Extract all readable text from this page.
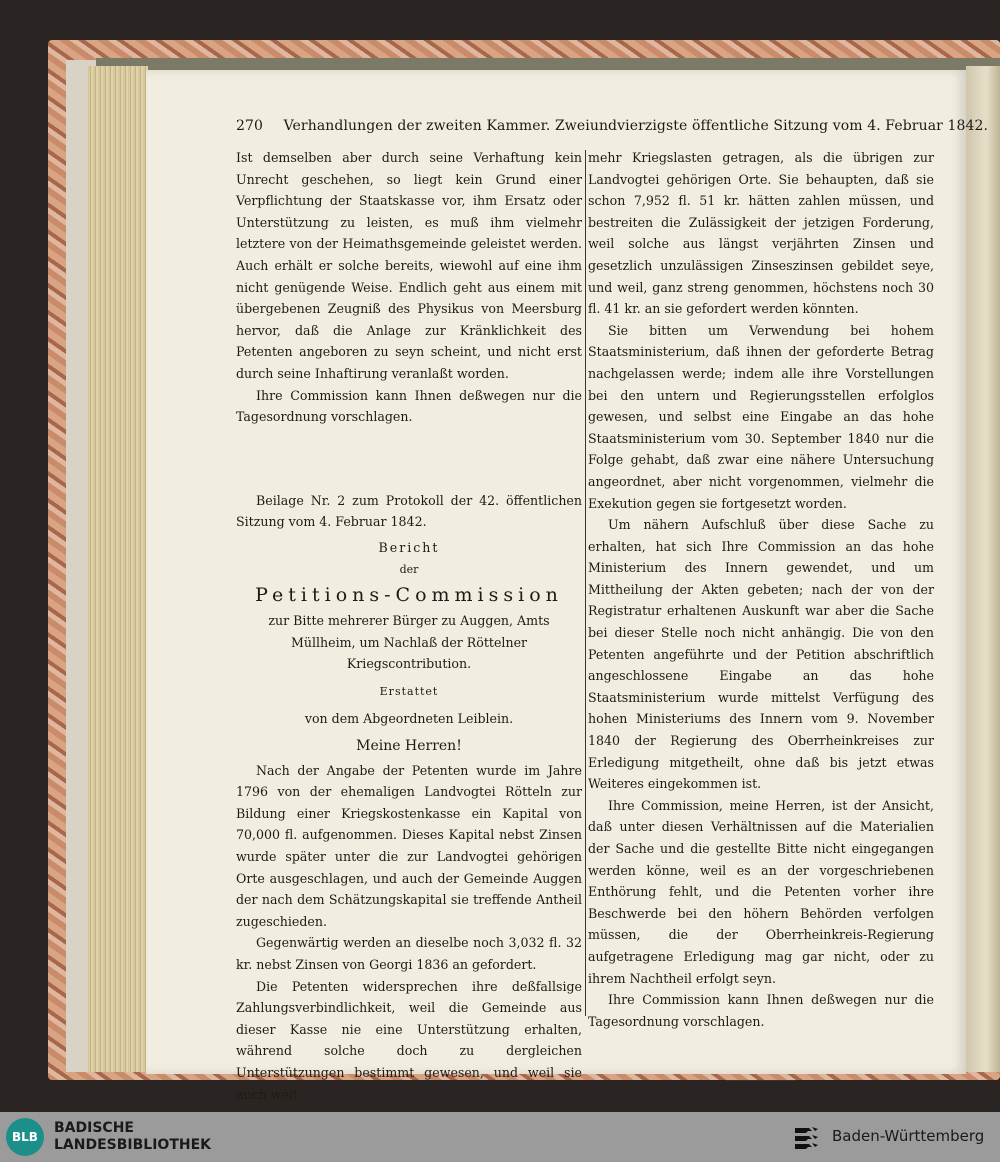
270 Verhandlungen der zweiten Kammer. Zweiundvierzigste öffentliche Sitzung vom 4. Februar 1842.

Ist demselben aber durch seine Verhaftung kein Unrecht geschehen, so liegt kein Grund einer Verpflichtung der Staatskasse vor, ihm Ersatz oder Unterstützung zu leisten, es muß ihm vielmehr letztere von der Heimathsgemeinde geleistet werden. Auch erhält er solche bereits, wiewohl auf eine ihm nicht genügende Weise. Endlich geht aus einem mit übergebenen Zeugniß des Physikus von Meersburg hervor, daß die Anlage zur Kränklichkeit des Petenten angeboren zu seyn scheint, und nicht erst durch seine Inhaftirung veranlaßt worden.

Ihre Commission kann Ihnen deßwegen nur die Tagesordnung vorschlagen.

Beilage Nr. 2 zum Protokoll der 42. öffentlichen Sitzung vom 4. Februar 1842.

Bericht
der
Petitions-Commission

zur Bitte mehrerer Bürger zu Auggen, Amts Müllheim, um Nachlaß der Röttelner Kriegscontribution.

Erstattet
von dem Abgeordneten Leiblein.
Meine Herren!

Nach der Angabe der Petenten wurde im Jahre 1796 von der ehemaligen Landvogtei Rötteln zur Bildung einer Kriegskostenkasse ein Kapital von 70,000 fl. aufgenommen. Dieses Kapital nebst Zinsen wurde später unter die zur Landvogtei gehörigen Orte ausgeschlagen, und auch der Gemeinde Auggen der nach dem Schätzungskapital sie treffende Antheil zugeschieden.

Gegenwärtig werden an dieselbe noch 3,032 fl. 32 kr. nebst Zinsen von Georgi 1836 an gefordert.

Die Petenten widersprechen ihre deßfallsige Zahlungsverbindlichkeit, weil die Gemeinde aus dieser Kasse nie eine Unterstützung erhalten, während solche doch zu dergleichen Unterstützungen bestimmt gewesen, und weil sie auch weit

mehr Kriegslasten getragen, als die übrigen zur Landvogtei gehörigen Orte. Sie behaupten, daß sie schon 7,952 fl. 51 kr. hätten zahlen müssen, und bestreiten die Zulässigkeit der jetzigen Forderung, weil solche aus längst verjährten Zinsen und gesetzlich unzulässigen Zinseszinsen gebildet seye, und weil, ganz streng genommen, höchstens noch 30 fl. 41 kr. an sie gefordert werden könnten.

Sie bitten um Verwendung bei hohem Staatsministerium, daß ihnen der geforderte Betrag nachgelassen werde; indem alle ihre Vorstellungen bei den untern und Regierungsstellen erfolglos gewesen, und selbst eine Eingabe an das hohe Staatsministerium vom 30. September 1840 nur die Folge gehabt, daß zwar eine nähere Untersuchung angeordnet, aber nicht vorgenommen, vielmehr die Exekution gegen sie fortgesetzt worden.

Um nähern Aufschluß über diese Sache zu erhalten, hat sich Ihre Commission an das hohe Ministerium des Innern gewendet, und um Mittheilung der Akten gebeten; nach der von der Registratur erhaltenen Auskunft war aber die Sache bei dieser Stelle noch nicht anhängig. Die von den Petenten angeführte und der Petition abschriftlich angeschlossene Eingabe an das hohe Staatsministerium wurde mittelst Verfügung des hohen Ministeriums des Innern vom 9. November 1840 der Regierung des Oberrheinkreises zur Erledigung mitgetheilt, ohne daß bis jetzt etwas Weiteres eingekommen ist.

Ihre Commission, meine Herren, ist der Ansicht, daß unter diesen Verhältnissen auf die Materialien der Sache und die gestellte Bitte nicht eingegangen werden könne, weil es an der vorgeschriebenen Enthörung fehlt, und die Petenten vorher ihre Beschwerde bei den höhern Behörden verfolgen müssen, die der Oberrheinkreis-Regierung aufgetragene Erledigung mag gar nicht, oder zu ihrem Nachtheil erfolgt seyn.

Ihre Commission kann Ihnen deßwegen nur die Tagesordnung vorschlagen.

BLB
BADISCHE
LANDESBIBLIOTHEK	Baden-Württemberg
